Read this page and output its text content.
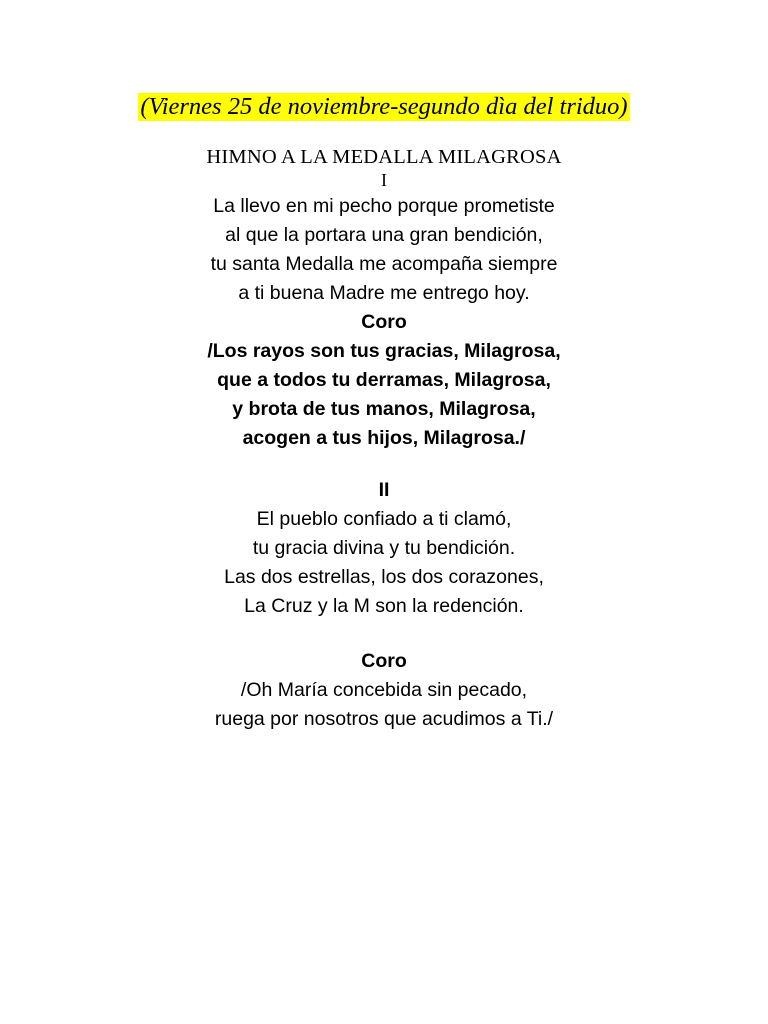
(Viernes 25 de noviembre-segundo dìa del triduo)
HIMNO A LA MEDALLA MILAGROSA
I
La llevo en mi pecho porque prometiste
al que la portara una gran bendición,
tu santa Medalla me acompaña siempre
a ti buena Madre me entrego hoy.
Coro
/Los rayos son tus gracias, Milagrosa,
que a todos tu derramas, Milagrosa,
y brota de tus manos, Milagrosa,
acogen a tus hijos, Milagrosa./
II
El pueblo confiado a ti clamó,
tu gracia divina y tu bendición.
Las dos estrellas, los dos corazones,
La Cruz y la M son la redención.
Coro
/Oh María concebida sin pecado,
ruega por nosotros que acudimos a Ti./
